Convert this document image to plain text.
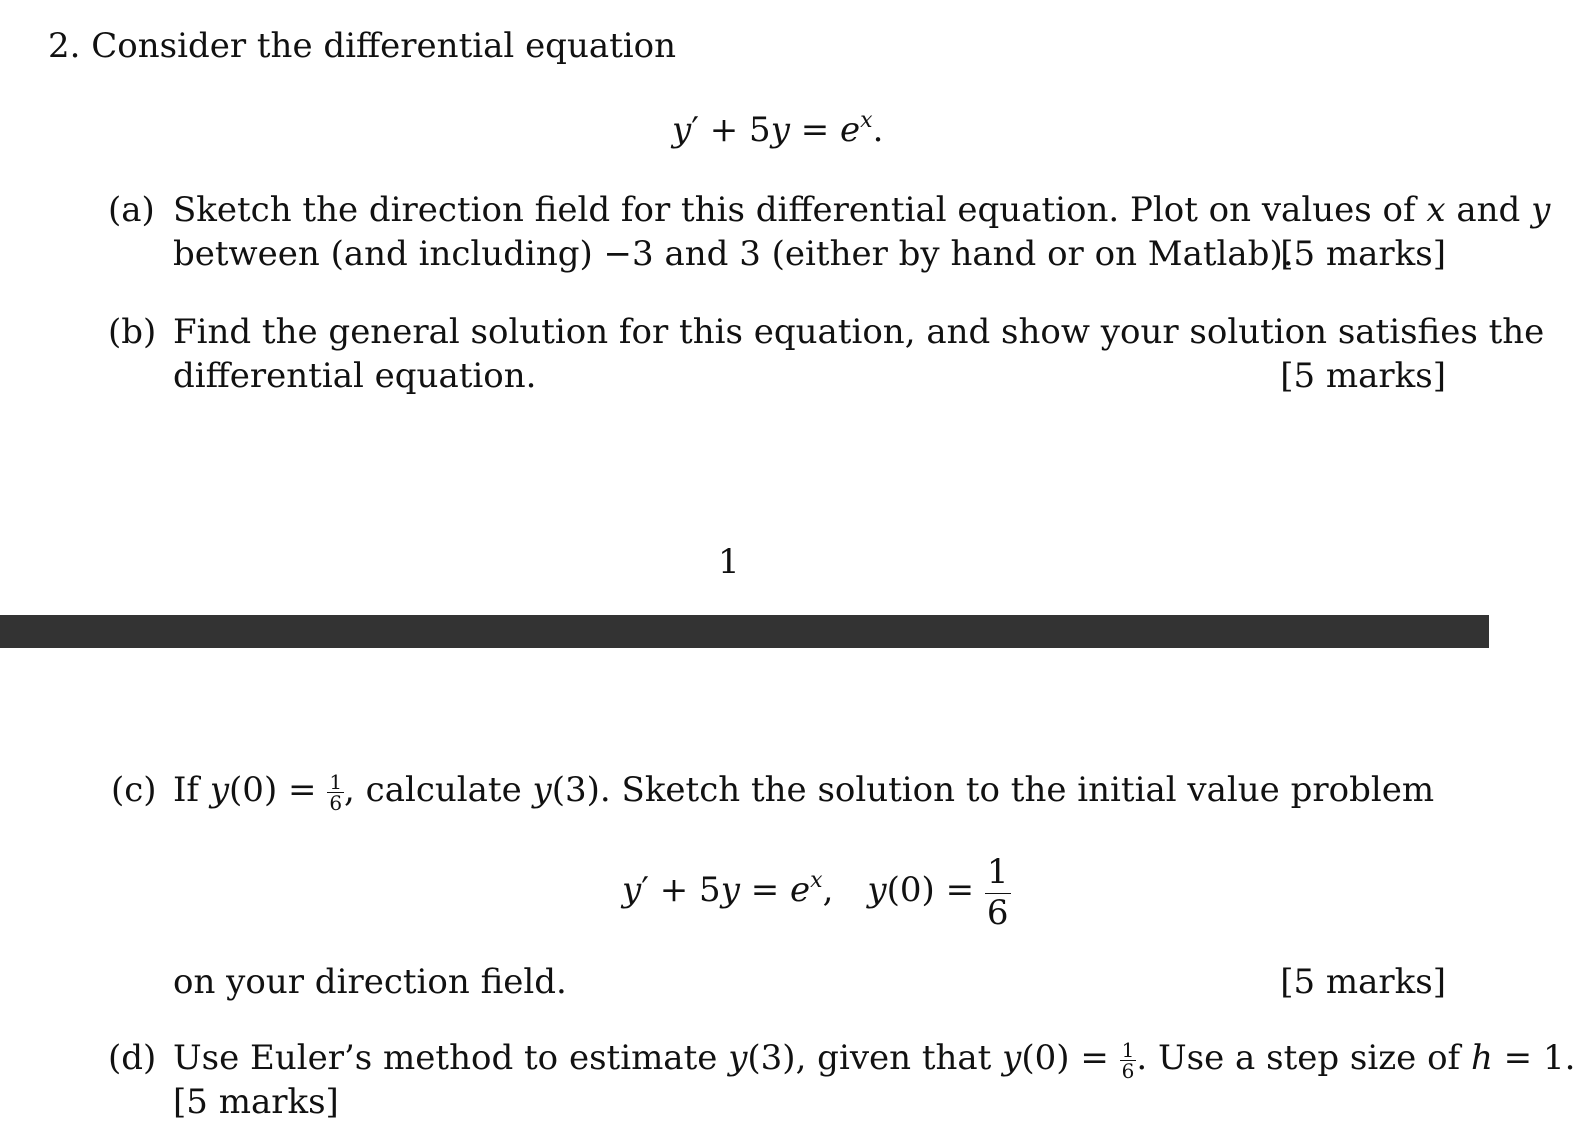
2. Consider the differential equation
$y' + 5y = e^x$.
(a) Sketch the direction field for this differential equation. Plot on values of x and y
between (and including) −3 and 3 (either by hand or on Matlab).
[5 marks]
(b) Find the general solution for this equation, and show your solution satisfies the
differential equation.	[5 marks]
1
(c) If $y(0) = \frac{1}{6}$ , calculate y(3). Sketch the solution to the initial value problem
$y' + 5y = e^x$, $y(0) = \frac{1}{6}$
on your direction field.	[5 marks]
(d) Use Euler’s method to estimate y(3), given that $y(0) = \frac{1}{6}$ . Use a step size of h = 1.
[5 marks]
